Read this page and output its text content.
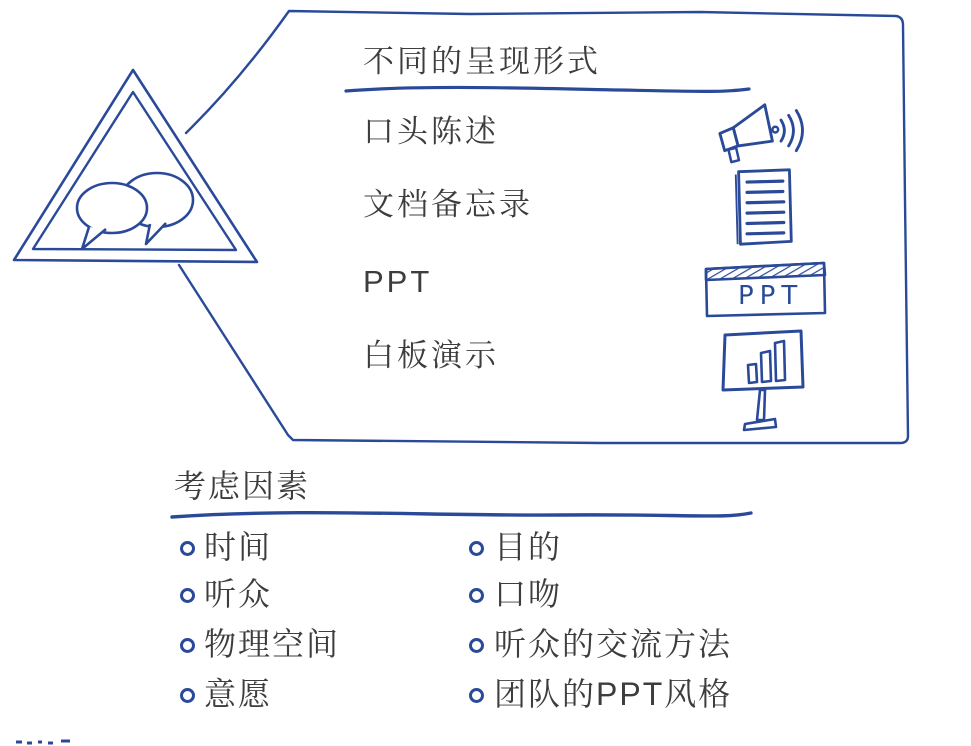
不同的呈现形式
口头陈述
文档备忘录
PPT
白板演示
PPT
考虑因素
时间
听众
物理空间
意愿
目的
口吻
听众的交流方法
团队的PPT风格
